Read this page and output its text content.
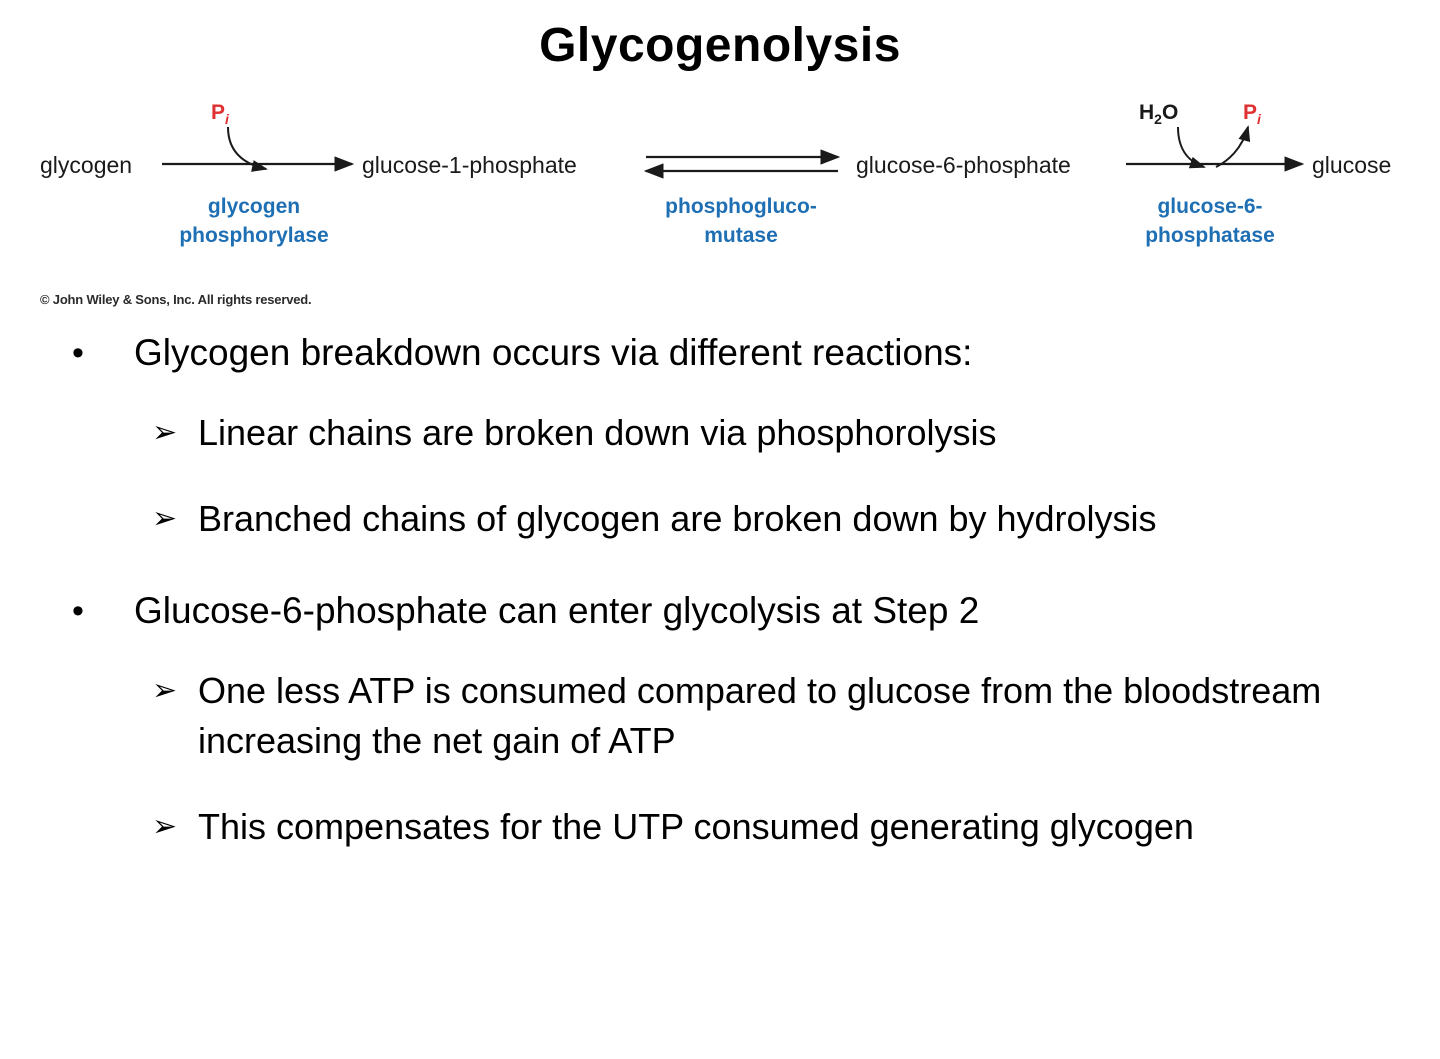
Glycogenolysis
glycogen	glucose-1-phosphate	glucose-6-phosphate	glucose
$P_i$	$H_2O$	$P_i$
glycogen
phosphorylase
phosphogluco-
mutase
glucose-6-
phosphatase
© John Wiley & Sons, Inc. All rights reserved.
•	Glycogen breakdown occurs via different reactions:
➢ Linear chains are broken down via phosphorolysis
➢ Branched chains of glycogen are broken down by hydrolysis
•	Glucose-6-phosphate can enter glycolysis at Step 2
➢ One less ATP is consumed compared to glucose from the bloodstream increasing the net gain of ATP
➢ This compensates for the UTP consumed generating glycogen
